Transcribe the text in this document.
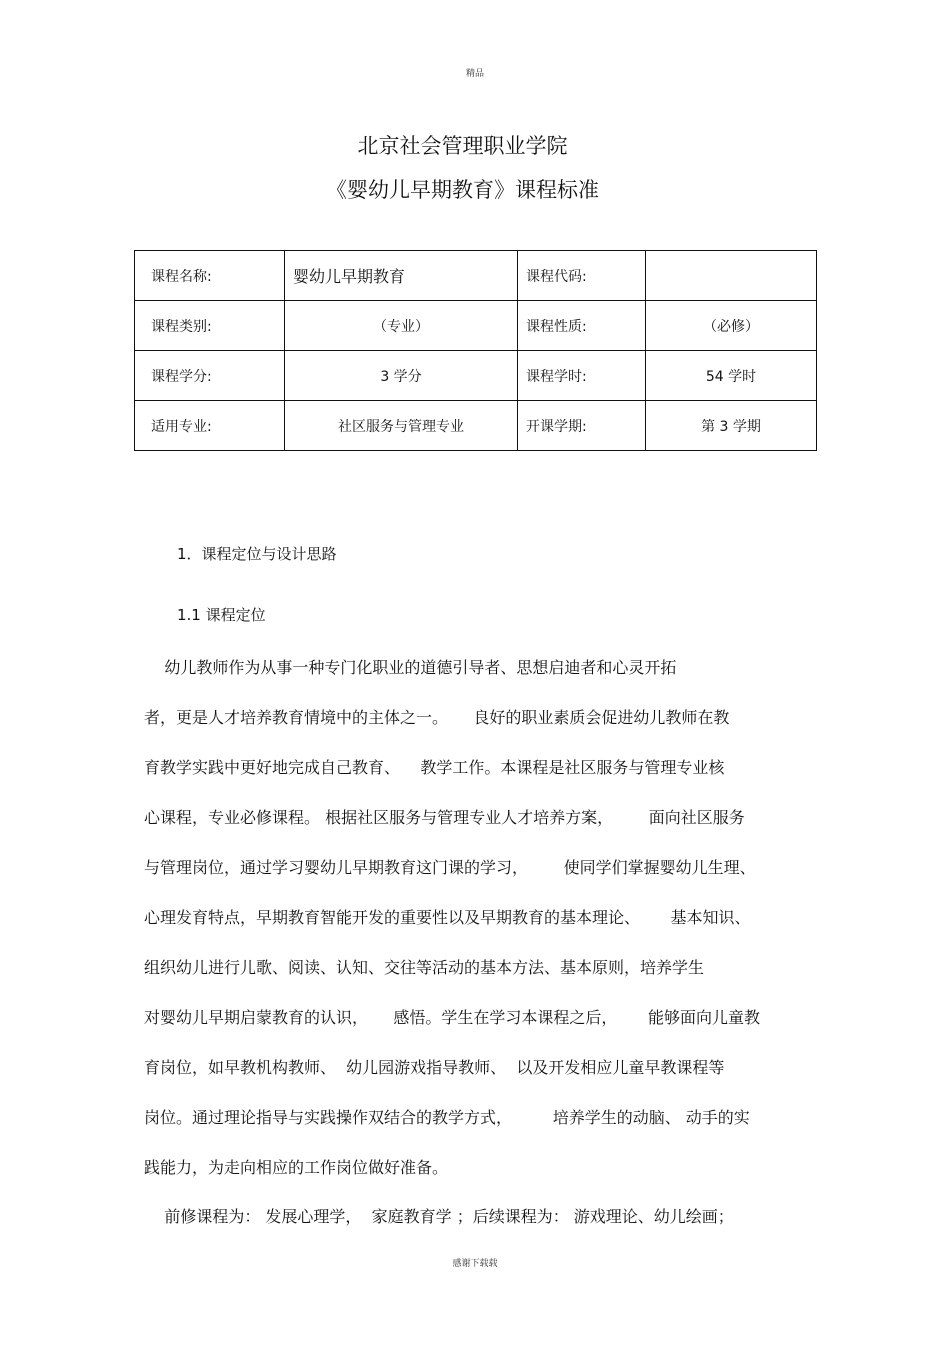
精品
北京社会管理职业学院
《婴幼儿早期教育》课程标准
课程名称:	婴幼儿早期教育	课程代码:	
课程类别:	（专业）	课程性质:	（必修）
课程学分:	3 学分	课程学时:	54 学时
适用专业:	社区服务与管理专业	开课学期:	第 3 学期
1．课程定位与设计思路
1.1 课程定位
幼儿教师作为从事一种专门化职业的道德引导者、思想启迪者和心灵开拓
者，更是人才培养教育情境中的主体之一。     良好的职业素质会促进幼儿教师在教
育教学实践中更好地完成自己教育、    教学工作。本课程是社区服务与管理专业核
心课程，专业必修课程。 根据社区服务与管理专业人才培养方案，       面向社区服务
与管理岗位，通过学习婴幼儿早期教育这门课的学习，       使同学们掌握婴幼儿生理、
心理发育特点，早期教育智能开发的重要性以及早期教育的基本理论、      基本知识、
组织幼儿进行儿歌、阅读、认知、交往等活动的基本方法、基本原则，培养学生
对婴幼儿早期启蒙教育的认识，     感悟。学生在学习本课程之后，      能够面向儿童教
育岗位，如早教机构教师、  幼儿园游戏指导教师、  以及开发相应儿童早教课程等
岗位。通过理论指导与实践操作双结合的教学方式，        培养学生的动脑、 动手的实
践能力，为走向相应的工作岗位做好准备。
前修课程为： 发展心理学，  家庭教育学 ；后续课程为： 游戏理论、幼儿绘画；
感谢下载载
